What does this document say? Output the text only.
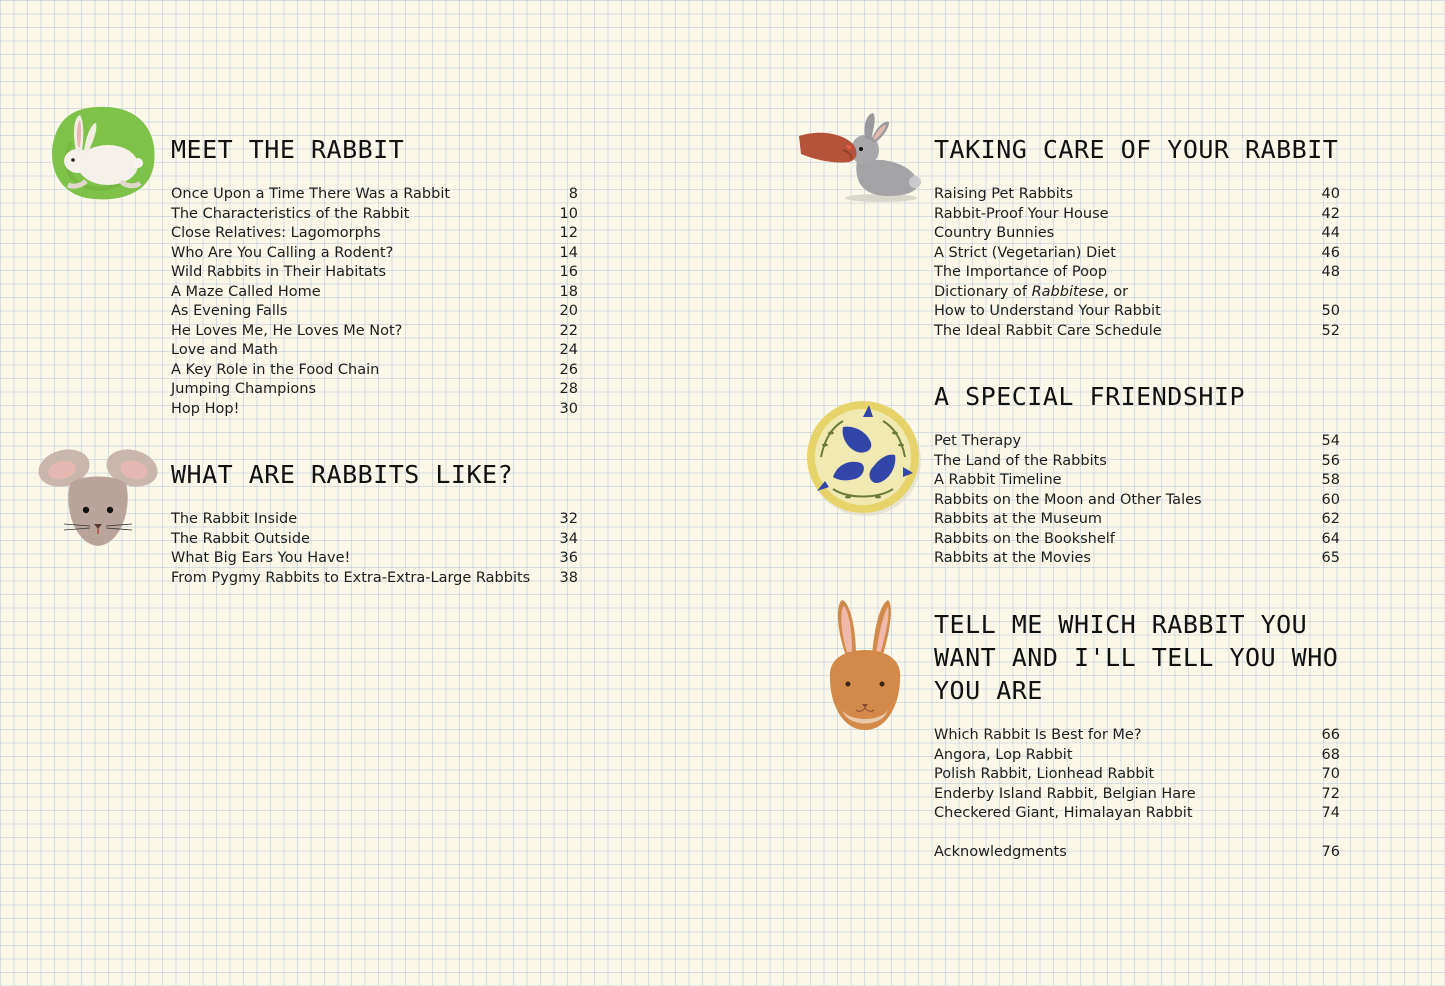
MEET THE RABBIT
Once Upon a Time There Was a Rabbit	8
The Characteristics of the Rabbit	10
Close Relatives: Lagomorphs	12
Who Are You Calling a Rodent?	14
Wild Rabbits in Their Habitats	16
A Maze Called Home	18
As Evening Falls	20
He Loves Me, He Loves Me Not?	22
Love and Math	24
A Key Role in the Food Chain	26
Jumping Champions	28
Hop Hop!	30
WHAT ARE RABBITS LIKE?
The Rabbit Inside	32
The Rabbit Outside	34
What Big Ears You Have!	36
From Pygmy Rabbits to Extra-Extra-Large Rabbits 38
TAKING CARE OF YOUR RABBIT
Raising Pet Rabbits	40
Rabbit-Proof Your House	42
Country Bunnies	44
A Strict (Vegetarian) Diet	46
The Importance of Poop	48
Dictionary of Rabbitese, or
How to Understand Your Rabbit	50
The Ideal Rabbit Care Schedule	52
A SPECIAL FRIENDSHIP
Pet Therapy	54
The Land of the Rabbits	56
A Rabbit Timeline	58
Rabbits on the Moon and Other Tales	60
Rabbits at the Museum	62
Rabbits on the Bookshelf	64
Rabbits at the Movies	65
TELL ME WHICH RABBIT YOU
WANT AND I'LL TELL YOU WHO
YOU ARE
Which Rabbit Is Best for Me?	66
Angora, Lop Rabbit	68
Polish Rabbit, Lionhead Rabbit	70
Enderby Island Rabbit, Belgian Hare	72
Checkered Giant, Himalayan Rabbit	74
Acknowledgments	76
